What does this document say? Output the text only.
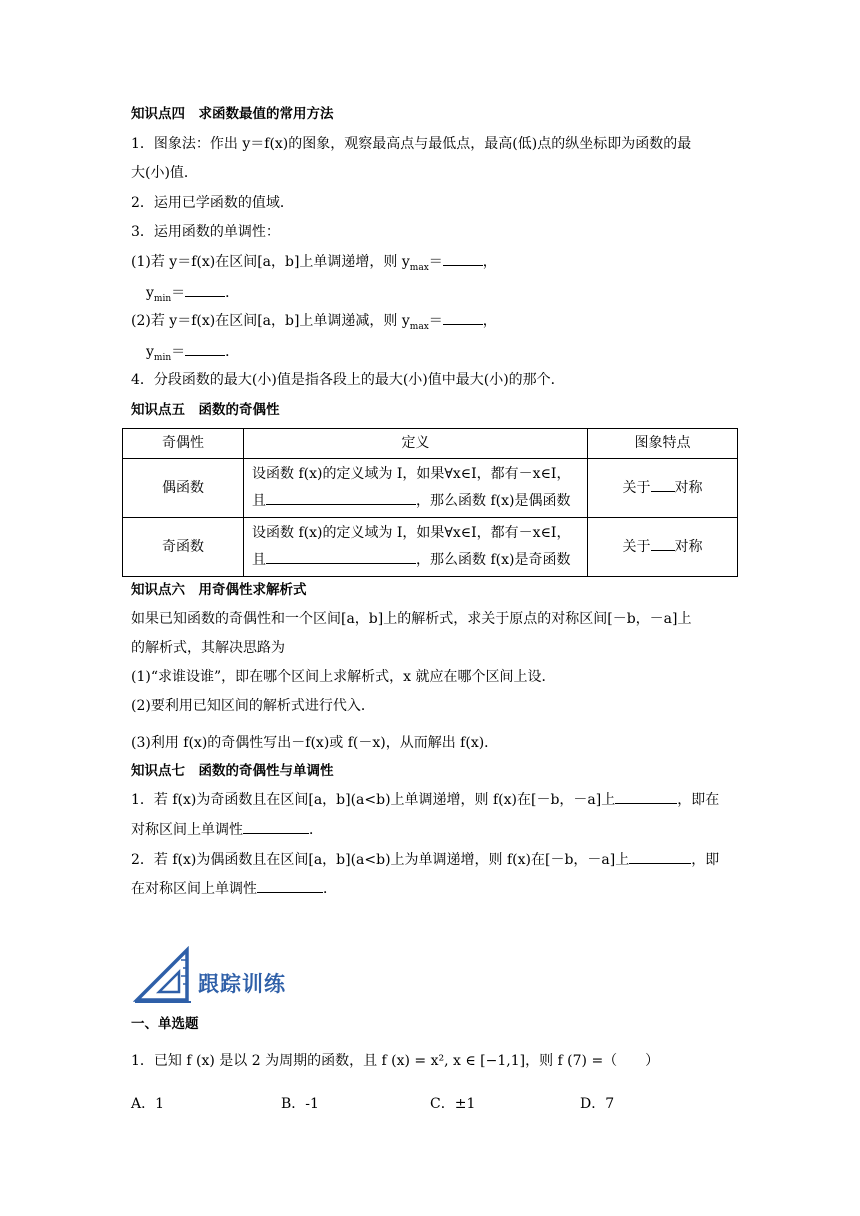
知识点四　求函数最值的常用方法
1．图象法：作出 y＝f(x)的图象，观察最高点与最低点，最高(低)点的纵坐标即为函数的最
大(小)值．
2．运用已学函数的值域．
3．运用函数的单调性：
(1)若 y＝f(x)在区间[a，b]上单调递增，则 $y_{max}=$	，
$y_{min}=$	．
(2)若 y＝f(x)在区间[a，b]上单调递减，则 $y_{max}=$	，
$y_{min}=$	．
4．分段函数的最大(小)值是指各段上的最大(小)值中最大(小)的那个．
知识点五　函数的奇偶性
奇偶性	定义	图象特点
偶函数	设函数 f(x)的定义域为 I，如果∀x∈I，都有－x∈I，
且 ，那么函数 f(x)是偶函数	关于 对称
奇函数	设函数 f(x)的定义域为 I，如果∀x∈I，都有－x∈I，
且 ，那么函数 f(x)是奇函数	关于 对称
知识点六　用奇偶性求解析式
如果已知函数的奇偶性和一个区间[a，b]上的解析式，求关于原点的对称区间[－b，－a]上
的解析式，其解决思路为
(1)“求谁设谁”，即在哪个区间上求解析式，x 就应在哪个区间上设．
(2)要利用已知区间的解析式进行代入．
(3)利用 f(x)的奇偶性写出－f(x)或 f(－x)，从而解出 f(x)．
知识点七　函数的奇偶性与单调性
1．若 f(x)为奇函数且在区间[a，b](a<b)上单调递增，则 f(x)在[－b，－a]上	，即在
对称区间上单调性	．
2．若 f(x)为偶函数且在区间[a，b](a<b)上为单调递增，则 f(x)在[－b，－a]上	，即
在对称区间上单调性	．
跟踪训练
一、单选题
1．已知 f (x) 是以 2 为周期的函数，且 f (x) = x², x ∈ [−1,1]，则 f (7) =（　　）
A．1	B．-1	C．±1	D．7
